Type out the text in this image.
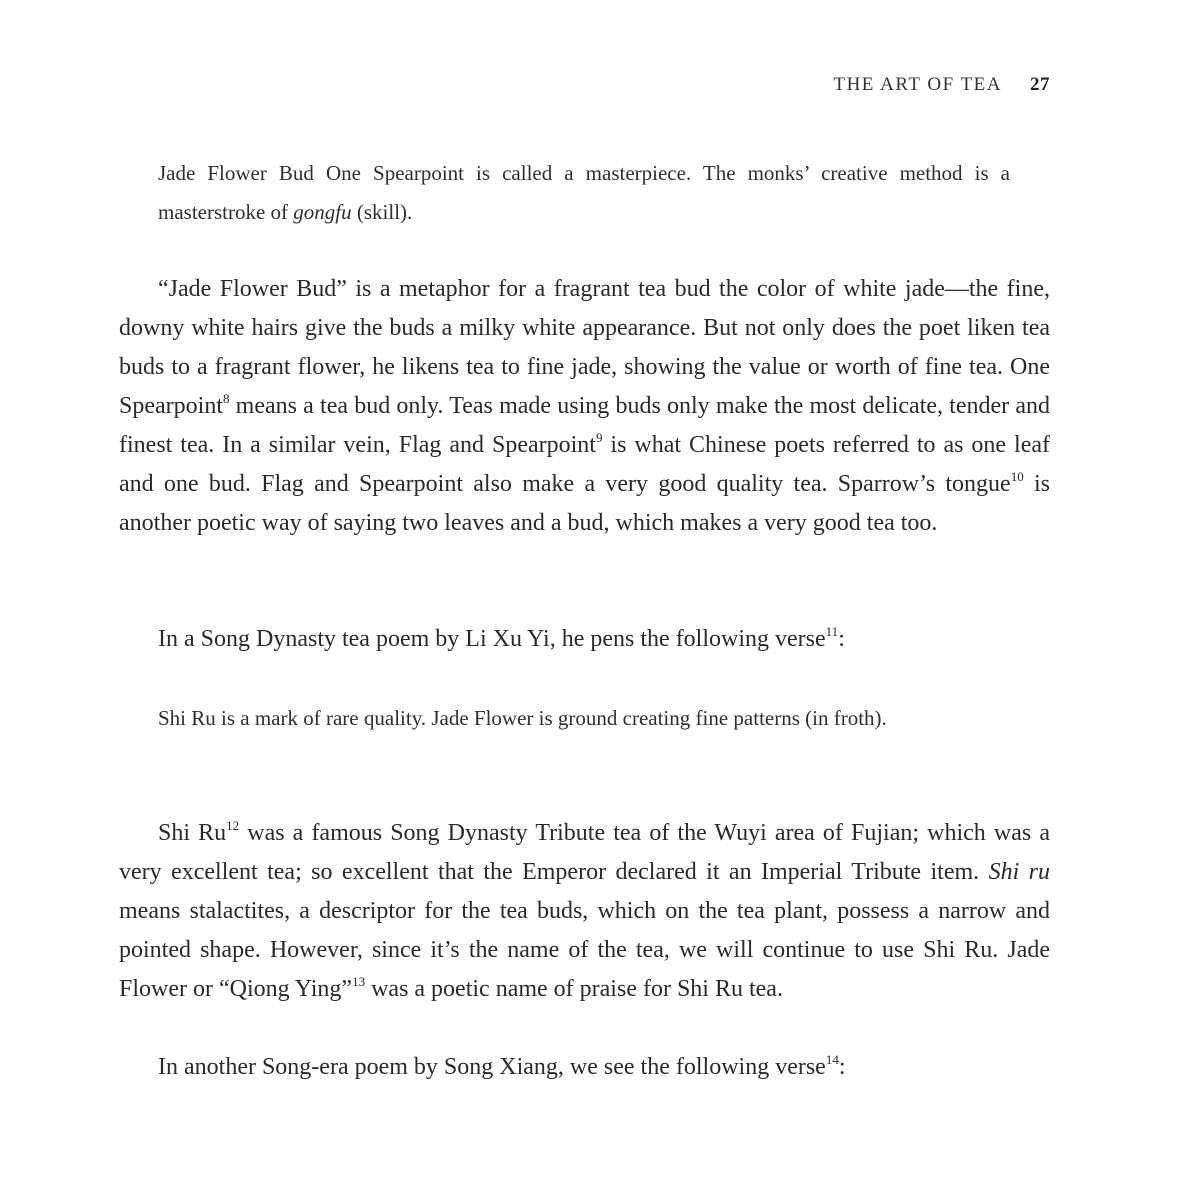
THE ART OF TEA 27

Jade Flower Bud One Spearpoint is called a masterpiece. The monks’ creative method is a masterstroke of gongfu (skill).

“Jade Flower Bud” is a metaphor for a fragrant tea bud the color of white jade—the fine, downy white hairs give the buds a milky white appearance. But not only does the poet liken tea buds to a fragrant flower, he likens tea to fine jade, showing the value or worth of fine tea. One Spearpoint$^8$ means a tea bud only. Teas made using buds only make the most delicate, tender and finest tea. In a similar vein, Flag and Spearpoint$^9$ is what Chinese poets referred to as one leaf and one bud. Flag and Spearpoint also make a very good quality tea. Sparrow’s tongue$^{10}$ is another poetic way of saying two leaves and a bud, which makes a very good tea too.

In a Song Dynasty tea poem by Li Xu Yi, he pens the following verse$^{11}$:

Shi Ru is a mark of rare quality. Jade Flower is ground creating fine patterns (in froth).

Shi Ru$^{12}$ was a famous Song Dynasty Tribute tea of the Wuyi area of Fujian; which was a very excellent tea; so excellent that the Emperor declared it an Imperial Tribute item. Shi ru means stalactites, a descriptor for the tea buds, which on the tea plant, possess a narrow and pointed shape. However, since it’s the name of the tea, we will continue to use Shi Ru. Jade Flower or “Qiong Ying”$^{13}$ was a poetic name of praise for Shi Ru tea.

In another Song-era poem by Song Xiang, we see the following verse$^{14}$:
